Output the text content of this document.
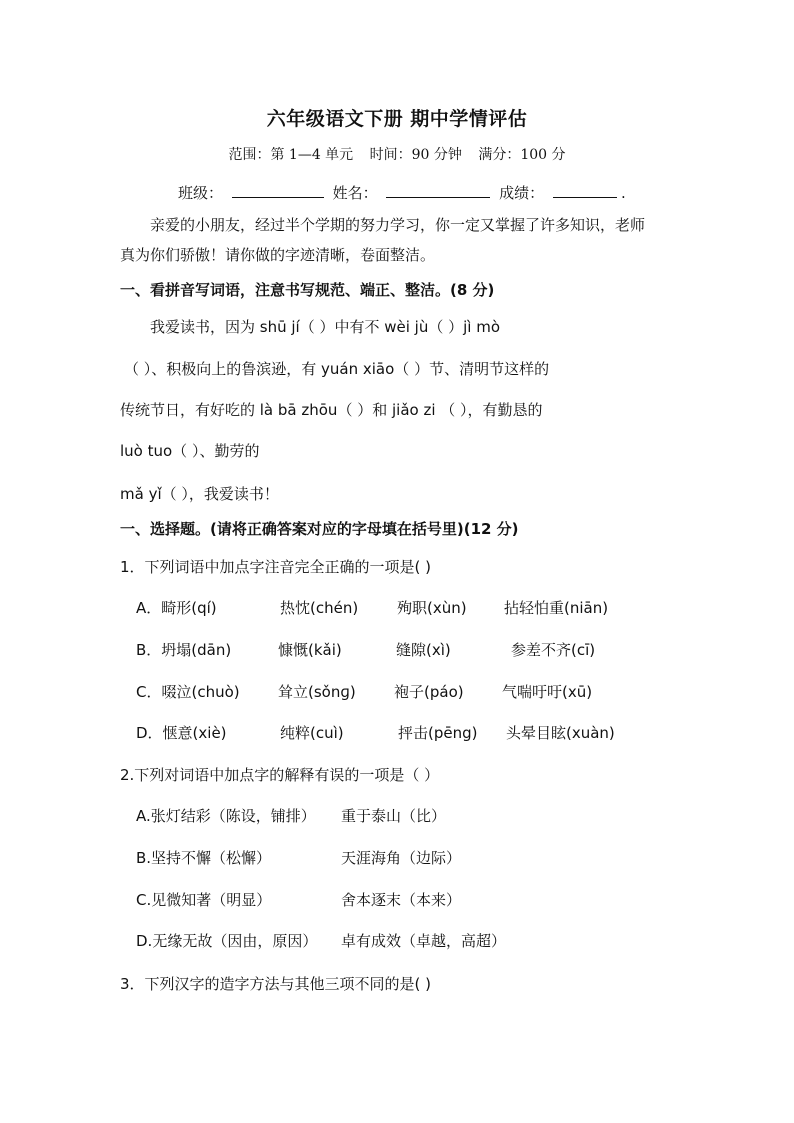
六年级语文下册 期中学情评估
范围：第 1—4 单元 时间：90 分钟 满分：100 分
班级：	姓名：	成绩：	.
亲爱的小朋友，经过半个学期的努力学习，你一定又掌握了许多知识，老师
真为你们骄傲！请你做的字迹清晰，卷面整洁。
一、看拼音写词语，注意书写规范、端正、整洁。(8 分)
我爱读书，因为 shū jí（ ）中有不 wèi jù（ ）jì mò
（ ）、积极向上的鲁滨逊，有 yuán xiāo（ ）节、清明节这样的
传统节日，有好吃的 là bā zhōu（ ）和 jiǎo zi （ ），有勤恳的
luò tuo（ ）、勤劳的
mǎ yǐ（ ），我爱读书！
一、选择题。(请将正确答案对应的字母填在括号里)(12 分)
1．下列词语中加点字注音完全正确的一项是( )
A．畸形(qí)	热忱(chén)	殉职(xùn) 拈轻怕重(niān)
B．坍塌(dān)	慷慨(kǎi)	缝隙(xì)	参差不齐(cī)
C．啜泣(chuò)	耸立(sǒnɡ)	袍子(páo)	气喘吁吁(xū)
D．惬意(xiè)	纯粹(cuì)	抨击(pēng) 头晕目眩(xuàn)
2.下列对词语中加点字的解释有误的一项是（ ）
A.张灯结彩（陈设，铺排） 重于泰山（比）
B.坚持不懈（松懈）	天涯海角（边际）
C.见微知著（明显）	舍本逐末（本来）
D.无缘无故（因由，原因） 卓有成效（卓越，高超）
3．下列汉字的造字方法与其他三项不同的是( )
